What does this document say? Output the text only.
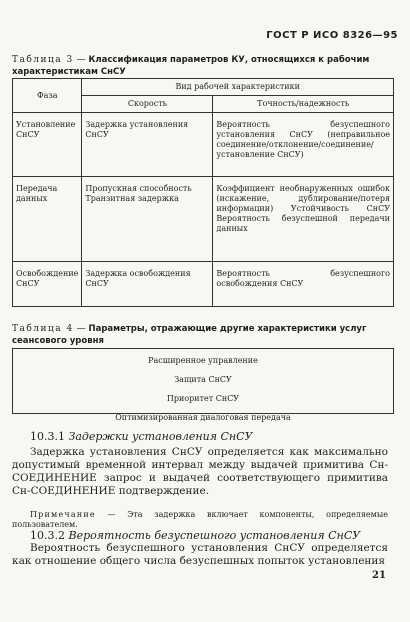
ГОСТ Р ИСО 8326—95
Таблица 3 — Классификация параметров КУ, относящихся к рабочим характеристикам СнСУ
Фаза	Вид рабочей характеристики	
	Скорость	Точность/надежность
Установление СнСУ	Задержка установления СнСУ	Вероятность безуспешного установления СнСУ (неправильное соединение/отклонение/соединение/установление СнСУ)
Передача данных	Пропускная способность Транзитная задержка	Коэффициент необнаруженных ошибок (искажение, дублирование/потеря информации) Устойчивость СнСУ Вероятность безуспешной передачи данных
Освобождение СнСУ	Задержка освобождения СнСУ	Вероятность безуспешного освобождения СнСУ
Таблица 4 — Параметры, отражающие другие характеристики услуг сеансового уровня
Расширенное управление
Защита СнСУ
Приоритет СнСУ
Оптимизированная диалоговая передача
10.3.1 Задержки установления СнСУ
Задержка установления СнСУ определяется как максимально допустимый временной интервал между выдачей примитива Сн-СОЕДИНЕНИЕ запрос и выдачей соответствующего примитива Сн-СОЕДИНЕНИЕ подтверждение.
Примечание — Эта задержка включает компоненты, определяемые пользователем.
10.3.2 Вероятность безуспешного установления СнСУ
Вероятность безуспешного установления СнСУ определяется как отношение общего числа безуспешных попыток установления
21
